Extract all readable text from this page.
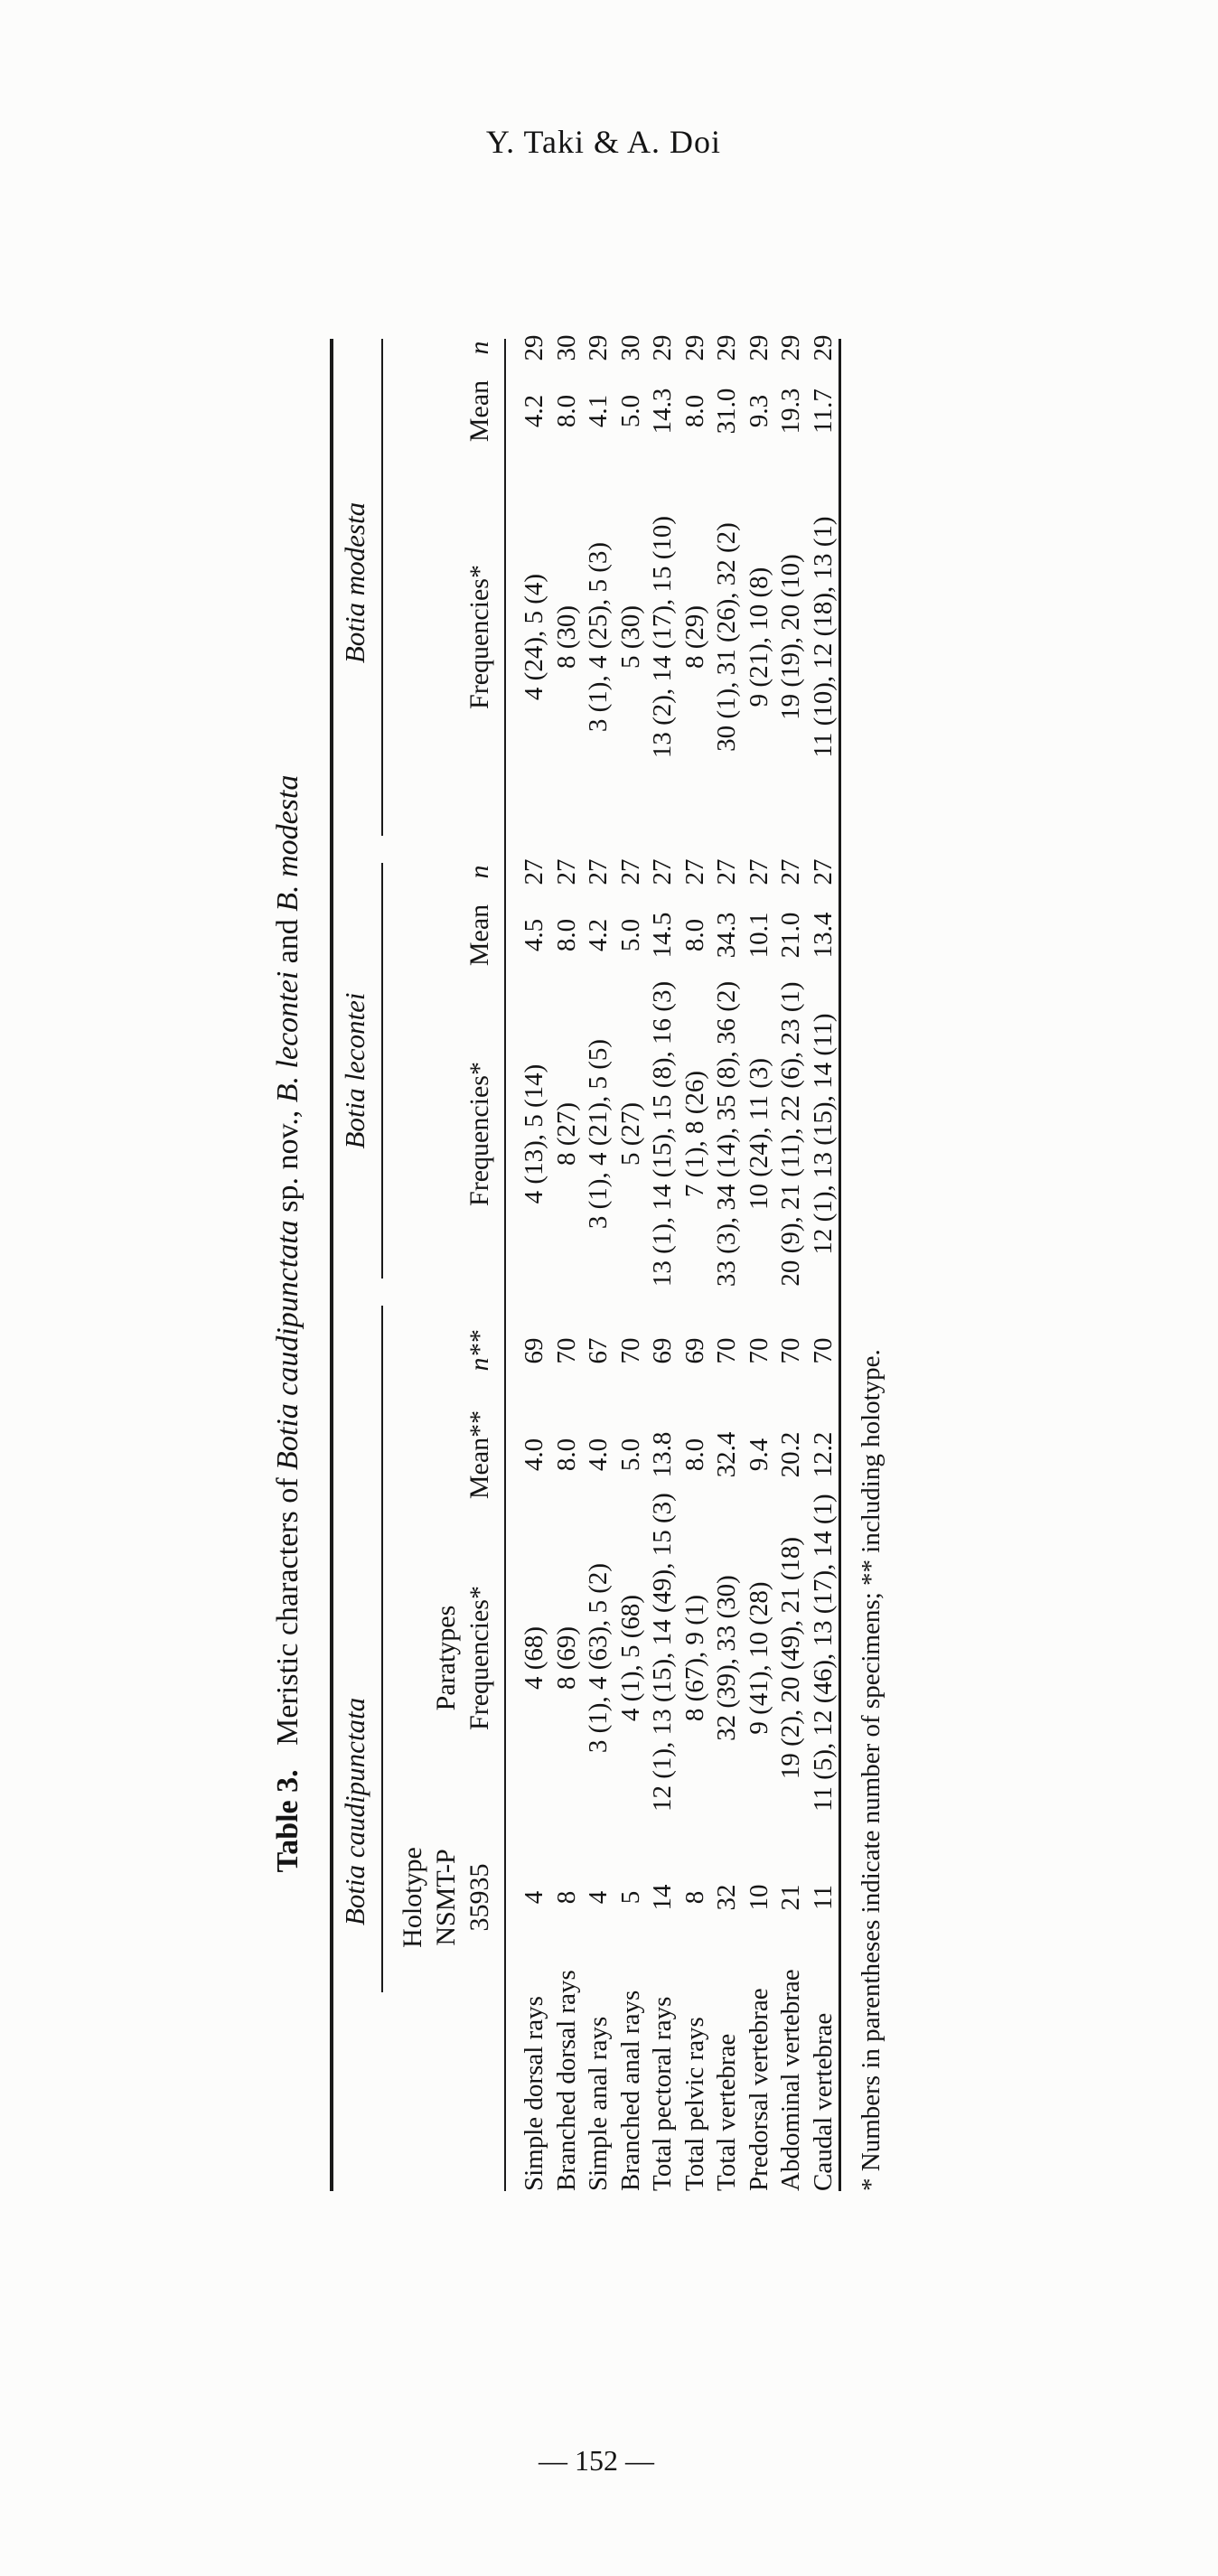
Y. Taki & A. Doi
Table 3. Meristic characters of Botia caudipunctata sp. nov., B. lecontei and B. modesta
Botia caudipunctata
Botia lecontei
Botia modesta
Holotype NSMT-P 35935
Paratypes Frequencies*
Mean**
n**
Frequencies*
Mean
n
Frequencies*
Mean
n
Simple dorsal rays
4
4 (68)
4.0
69
4 (13), 5 (14)
4.5
27
4 (24), 5 (4)
4.2
29
Branched dorsal rays
8
8 (69)
8.0
70
8 (27)
8.0
27
8 (30)
8.0
30
Simple anal rays
4
3 (1), 4 (63), 5 (2)
4.0
67
3 (1), 4 (21), 5 (5)
4.2
27
3 (1), 4 (25), 5 (3)
4.1
29
Branched anal rays
5
4 (1), 5 (68)
5.0
70
5 (27)
5.0
27
5 (30)
5.0
30
Total pectoral rays
14
12 (1), 13 (15), 14 (49), 15 (3)
13.8
69
13 (1), 14 (15), 15 (8), 16 (3)
14.5
27
13 (2), 14 (17), 15 (10)
14.3
29
Total pelvic rays
8
8 (67), 9 (1)
8.0
69
7 (1), 8 (26)
8.0
27
8 (29)
8.0
29
Total vertebrae
32
32 (39), 33 (30)
32.4
70
33 (3), 34 (14), 35 (8), 36 (2)
34.3
27
30 (1), 31 (26), 32 (2)
31.0
29
Predorsal vertebrae
10
9 (41), 10 (28)
9.4
70
10 (24), 11 (3)
10.1
27
9 (21), 10 (8)
9.3
29
Abdominal vertebrae
21
19 (2), 20 (49), 21 (18)
20.2
70
20 (9), 21 (11), 22 (6), 23 (1)
21.0
27
19 (19), 20 (10)
19.3
29
Caudal vertebrae
11
11 (5), 12 (46), 13 (17), 14 (1)
12.2
70
12 (1), 13 (15), 14 (11)
13.4
27
11 (10), 12 (18), 13 (1)
11.7
29
* Numbers in parentheses indicate number of specimens; ** including holotype.
— 152 —
